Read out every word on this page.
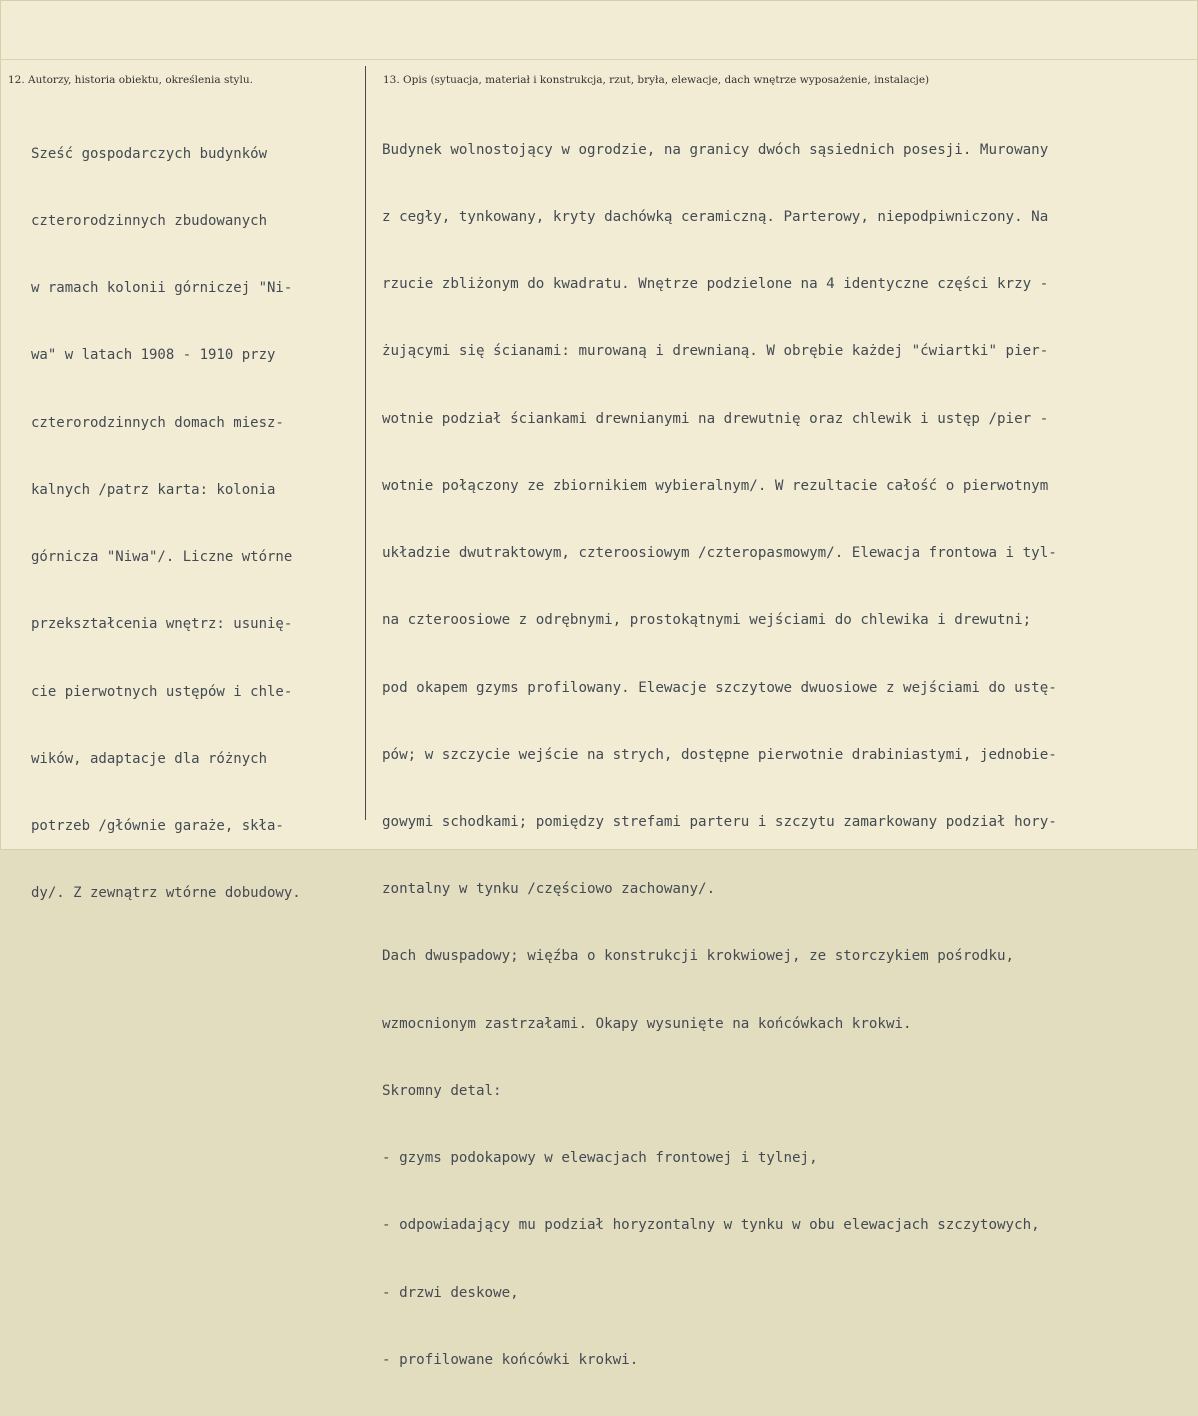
12. Autorzy, historia obiektu, określenia stylu.	13. Opis (sytuacja, materiał i konstrukcja, rzut, bryła, elewacje, dach wnętrze wyposażenie, instalacje)

Sześć gospodarczych budynków

czterorodzinnych zbudowanych

w ramach kolonii górniczej "Ni-

wa" w latach 1908 - 1910 przy

czterorodzinnych domach miesz-

kalnych /patrz karta: kolonia

górnicza "Niwa"/. Liczne wtórne

przekształcenia wnętrz: usunię-

cie pierwotnych ustępów i chle-

wików, adaptacje dla różnych

potrzeb /głównie garaże, skła-

dy/. Z zewnątrz wtórne dobudowy.

Budynek wolnostojący w ogrodzie, na granicy dwóch sąsiednich posesji. Murowany

z cegły, tynkowany, kryty dachówką ceramiczną. Parterowy, niepodpiwniczony. Na

rzucie zbliżonym do kwadratu. Wnętrze podzielone na 4 identyczne części krzy -

żującymi się ścianami: murowaną i drewnianą. W obrębie każdej "ćwiartki" pier-

wotnie podział ściankami drewnianymi na drewutnię oraz chlewik i ustęp /pier -

wotnie połączony ze zbiornikiem wybieralnym/. W rezultacie całość o pierwotnym

układzie dwutraktowym, czteroosiowym /czteropasmowym/. Elewacja frontowa i tyl-

na czteroosiowe z odrębnymi, prostokątnymi wejściami do chlewika i drewutni;

pod okapem gzyms profilowany. Elewacje szczytowe dwuosiowe z wejściami do ustę-

pów; w szczycie wejście na strych, dostępne pierwotnie drabiniastymi, jednobie-

gowymi schodkami; pomiędzy strefami parteru i szczytu zamarkowany podział hory-

zontalny w tynku /częściowo zachowany/.

Dach dwuspadowy; więźba o konstrukcji krokwiowej, ze storczykiem pośrodku,

wzmocnionym zastrzałami. Okapy wysunięte na końcówkach krokwi.

Skromny detal:

- gzyms podokapowy w elewacjach frontowej i tylnej,

- odpowiadający mu podział horyzontalny w tynku w obu elewacjach szczytowych,

- drzwi deskowe,

- profilowane końcówki krokwi.
